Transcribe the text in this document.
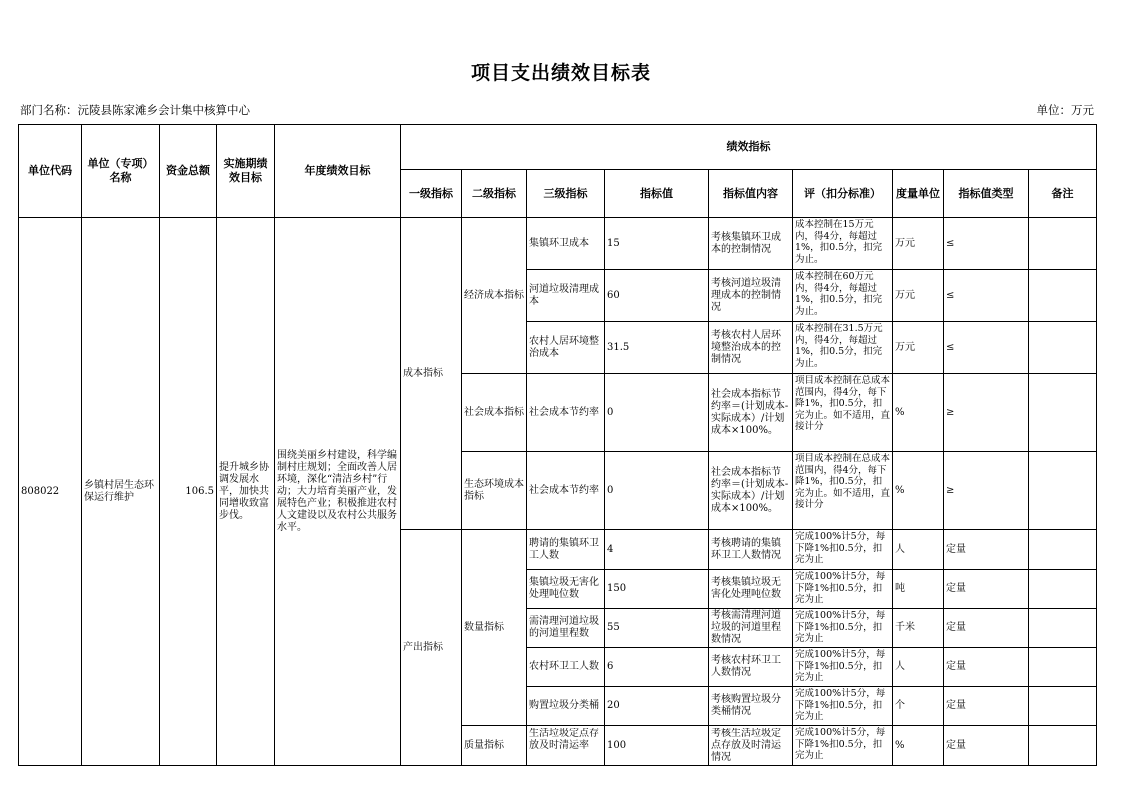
项目支出绩效目标表
部门名称：沅陵县陈家滩乡会计集中核算中心	单位：万元
单位代码	单位（专项）名称	资金总额	实施期绩效目标	年度绩效目标	绩效指标								
					一级指标	二级指标	三级指标	指标值	指标值内容	评（扣分标准）	度量单位	指标值类型	备注
808022	乡镇村居生态环保运行维护	106.5	提升城乡协调发展水平，加快共同增收致富步伐。	围绕美丽乡村建设，科学编制村庄规划；全面改善人居环境，深化“清洁乡村”行动；大力培育美丽产业，发展特色产业；积极推进农村人文建设以及农村公共服务水平。	成本指标	经济成本指标	集镇环卫成本	15	考核集镇环卫成本的控制情况	成本控制在15万元内，得4分，每超过1%，扣0.5分，扣完为止。	万元	≤	
							河道垃圾清理成本	60	考核河道垃圾清理成本的控制情况	成本控制在60万元内，得4分，每超过1%，扣0.5分，扣完为止。	万元	≤	
							农村人居环境整治成本	31.5	考核农村人居环境整治成本的控制情况	成本控制在31.5万元内，得4分，每超过1%，扣0.5分，扣完为止。	万元	≤	
						社会成本指标	社会成本节约率	0	社会成本指标节约率＝(计划成本-实际成本）/计划成本×100%。	项目成本控制在总成本范围内，得4分，每下降1%，扣0.5分，扣完为止。如不适用，直接计分	%	≥	
						生态环境成本指标	社会成本节约率	0	社会成本指标节约率＝(计划成本-实际成本）/计划成本×100%。	项目成本控制在总成本范围内，得4分，每下降1%，扣0.5分，扣完为止。如不适用，直接计分	%	≥	
					产出指标	数量指标	聘请的集镇环卫工人数	4	考核聘请的集镇环卫工人数情况	完成100%计5分，每下降1%扣0.5分，扣完为止	人	定量	
							集镇垃圾无害化处理吨位数	150	考核集镇垃圾无害化处理吨位数	完成100%计5分，每下降1%扣0.5分，扣完为止	吨	定量	
							需清理河道垃圾的河道里程数	55	考核需清理河道垃圾的河道里程数情况	完成100%计5分，每下降1%扣0.5分，扣完为止	千米	定量	
							农村环卫工人数	6	考核农村环卫工人数情况	完成100%计5分，每下降1%扣0.5分，扣完为止	人	定量	
							购置垃圾分类桶	20	考核购置垃圾分类桶情况	完成100%计5分，每下降1%扣0.5分，扣完为止	个	定量	
						质量指标	生活垃圾定点存放及时清运率	100	考核生活垃圾定点存放及时清运情况	完成100%计5分，每下降1%扣0.5分，扣完为止	%	定量	
